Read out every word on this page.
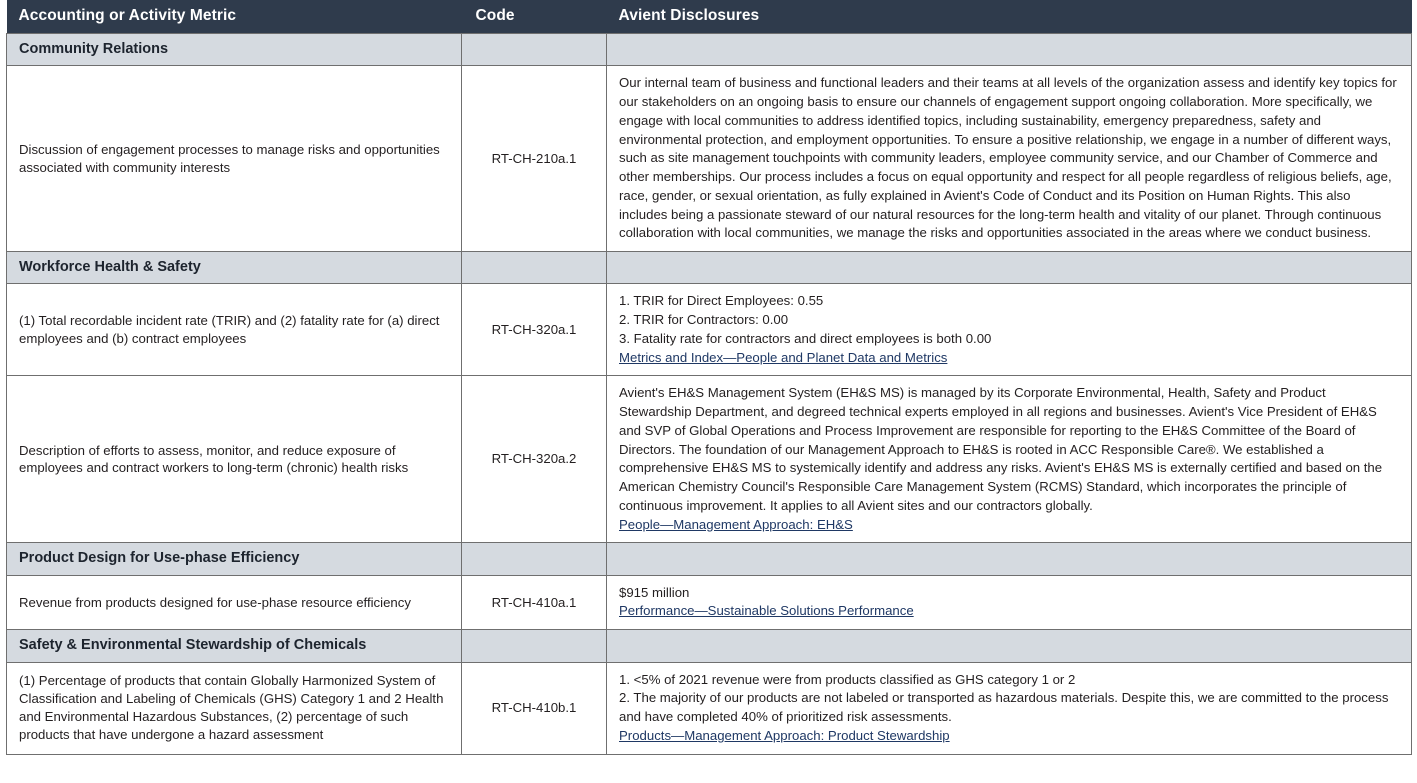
Accounting or Activity Metric	Code	Avient Disclosures
Community Relations		
Discussion of engagement processes to manage risks and opportunities associated with community interests	RT-CH-210a.1	Our internal team of business and functional leaders and their teams at all levels of the organization assess and identify key topics for our stakeholders on an ongoing basis to ensure our channels of engagement support ongoing collaboration. More specifically, we engage with local communities to address identified topics, including sustainability, emergency preparedness, safety and environmental protection, and employment opportunities. To ensure a positive relationship, we engage in a number of different ways, such as site management touchpoints with community leaders, employee community service, and our Chamber of Commerce and other memberships. Our process includes a focus on equal opportunity and respect for all people regardless of religious beliefs, age, race, gender, or sexual orientation, as fully explained in Avient's Code of Conduct and its Position on Human Rights. This also includes being a passionate steward of our natural resources for the long-term health and vitality of our planet. Through continuous collaboration with local communities, we manage the risks and opportunities associated in the areas where we conduct business.

Workforce Health & Safety		
(1) Total recordable incident rate (TRIR) and (2) fatality rate for (a) direct employees and (b) contract employees	RT-CH-320a.1	1. TRIR for Direct Employees: 0.55
2. TRIR for Contractors: 0.00
3. Fatality rate for contractors and direct employees is both 0.00
Metrics and Index—People and Planet Data and Metrics
Description of efforts to assess, monitor, and reduce exposure of employees and contract workers to long-term (chronic) health risks	RT-CH-320a.2	Avient's EH&S Management System (EH&S MS) is managed by its Corporate Environmental, Health, Safety and Product Stewardship Department, and degreed technical experts employed in all regions and businesses. Avient's Vice President of EH&S and SVP of Global Operations and Process Improvement are responsible for reporting to the EH&S Committee of the Board of Directors. The foundation of our Management Approach to EH&S is rooted in ACC Responsible Care®. We established a comprehensive EH&S MS to systemically identify and address any risks. Avient's EH&S MS is externally certified and based on the American Chemistry Council's Responsible Care Management System (RCMS) Standard, which incorporates the principle of continuous improvement. It applies to all Avient sites and our contractors globally.
People—Management Approach: EH&S
Product Design for Use-phase Efficiency		
Revenue from products designed for use-phase resource efficiency	RT-CH-410a.1	$915 million
Performance—Sustainable Solutions Performance
Safety & Environmental Stewardship of Chemicals		
(1) Percentage of products that contain Globally Harmonized System of Classification and Labeling of Chemicals (GHS) Category 1 and 2 Health and Environmental Hazardous Substances, (2) percentage of such products that have undergone a hazard assessment	RT-CH-410b.1	
1. <5% of 2021 revenue were from products classified as GHS category 1 or 2
2. The majority of our products are not labeled or transported as hazardous materials. Despite this, we are committed to the process and have completed 40% of prioritized risk assessments.
Products—Management Approach: Product Stewardship
